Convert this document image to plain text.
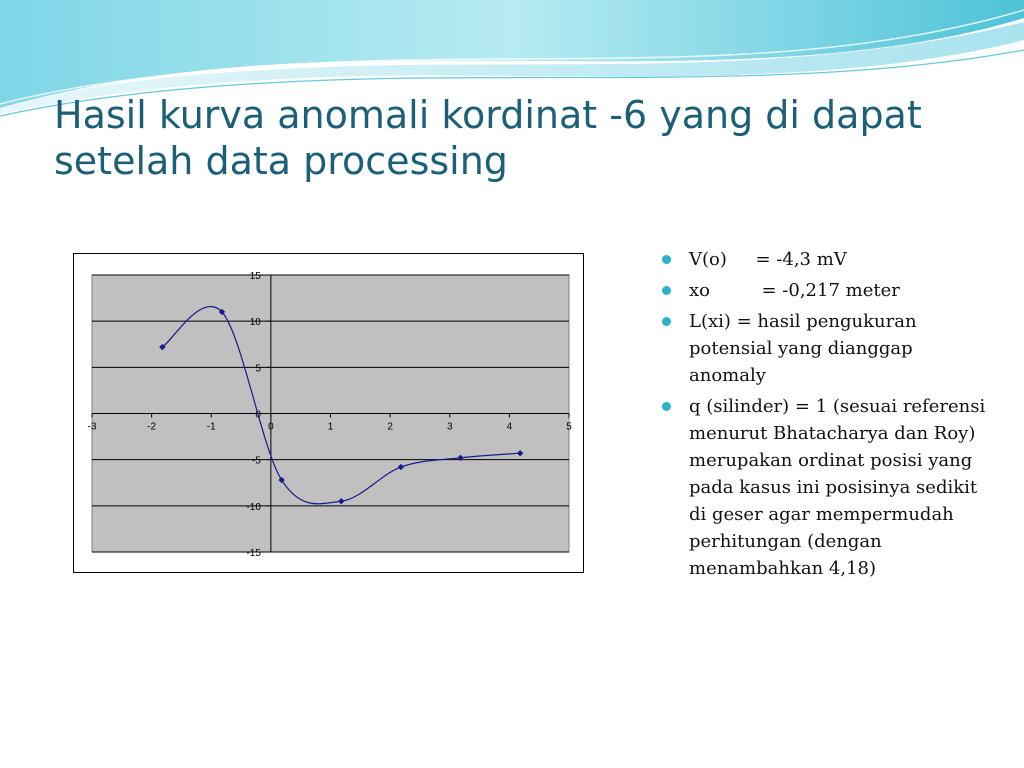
Hasil kurva anomali kordinat -6 yang di dapat setelah data processing
-3	-2	-1	0	1	2	3	4	5
15
10
5
0
-5
-10
-15
V(o)     = -4,3 mV
xo         = -0,217 meter
L(xi) = hasil pengukuran potensial yang dianggap anomaly
q (silinder) = 1 (sesuai referensi menurut Bhatacharya dan Roy) merupakan ordinat posisi yang pada kasus ini posisinya sedikit di geser agar mempermudah perhitungan (dengan menambahkan 4,18)
